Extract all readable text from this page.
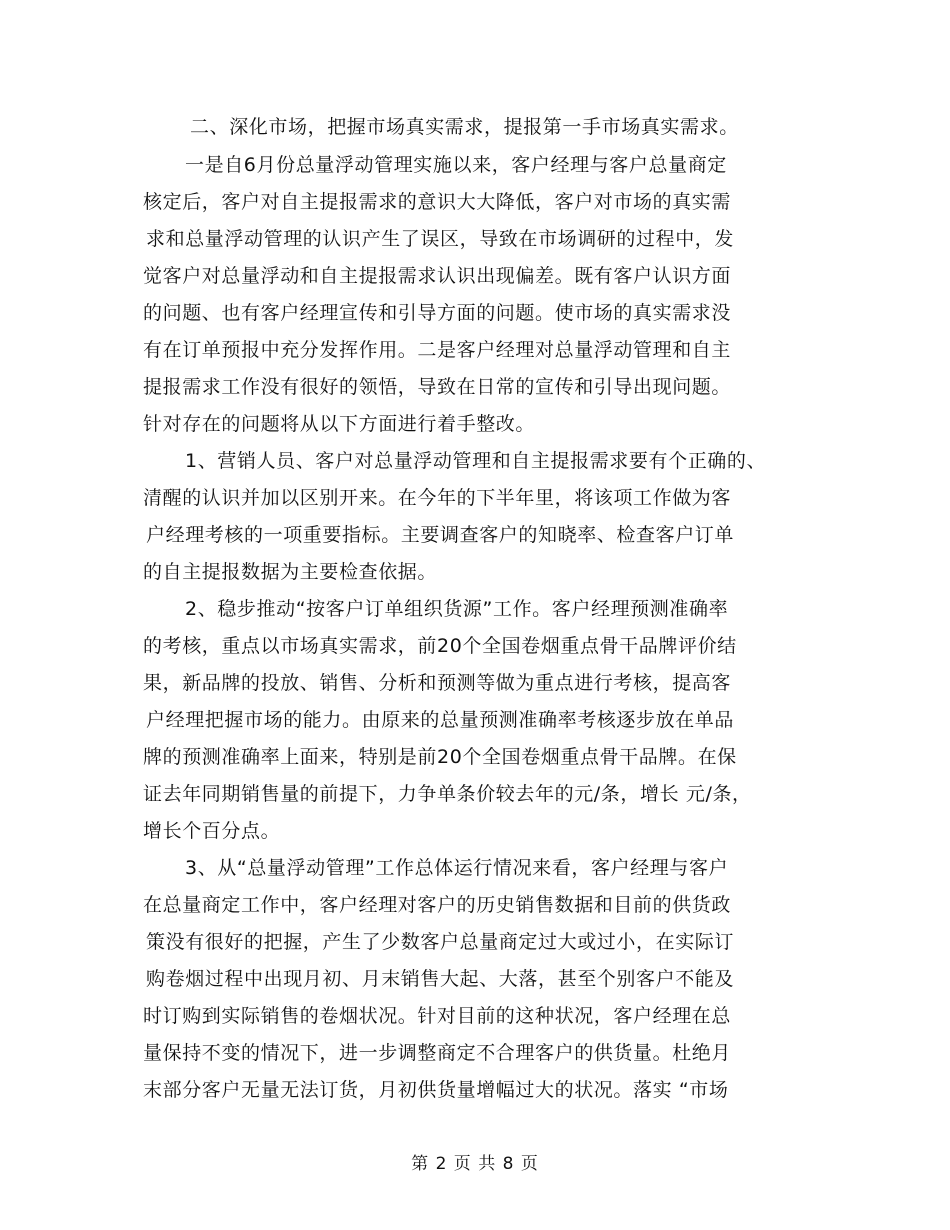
二、深化市场，把握市场真实需求，提报第一手市场真实需求。
一是自6月份总量浮动管理实施以来，客户经理与客户总量商定
核定后，客户对自主提报需求的意识大大降低，客户对市场的真实需
求和总量浮动管理的认识产生了误区，导致在市场调研的过程中，发
觉客户对总量浮动和自主提报需求认识出现偏差。既有客户认识方面
的问题、也有客户经理宣传和引导方面的问题。使市场的真实需求没
有在订单预报中充分发挥作用。二是客户经理对总量浮动管理和自主
提报需求工作没有很好的领悟，导致在日常的宣传和引导出现问题。
针对存在的问题将从以下方面进行着手整改。
1、营销人员、客户对总量浮动管理和自主提报需求要有个正确的、
清醒的认识并加以区别开来。在今年的下半年里，将该项工作做为客
户经理考核的一项重要指标。主要调查客户的知晓率、检查客户订单
的自主提报数据为主要检查依据。
2、稳步推动“按客户订单组织货源”工作。客户经理预测准确率
的考核，重点以市场真实需求，前20个全国卷烟重点骨干品牌评价结
果，新品牌的投放、销售、分析和预测等做为重点进行考核，提高客
户经理把握市场的能力。由原来的总量预测准确率考核逐步放在单品
牌的预测准确率上面来，特别是前20个全国卷烟重点骨干品牌。在保
证去年同期销售量的前提下，力争单条价较去年的元/条，增长 元/条，
增长个百分点。
3、从“总量浮动管理”工作总体运行情况来看，客户经理与客户
在总量商定工作中，客户经理对客户的历史销售数据和目前的供货政
策没有很好的把握，产生了少数客户总量商定过大或过小，在实际订
购卷烟过程中出现月初、月末销售大起、大落，甚至个别客户不能及
时订购到实际销售的卷烟状况。针对目前的这种状况，客户经理在总
量保持不变的情况下，进一步调整商定不合理客户的供货量。杜绝月
末部分客户无量无法订货，月初供货量增幅过大的状况。落实 “市场
第 2 页 共 8 页
